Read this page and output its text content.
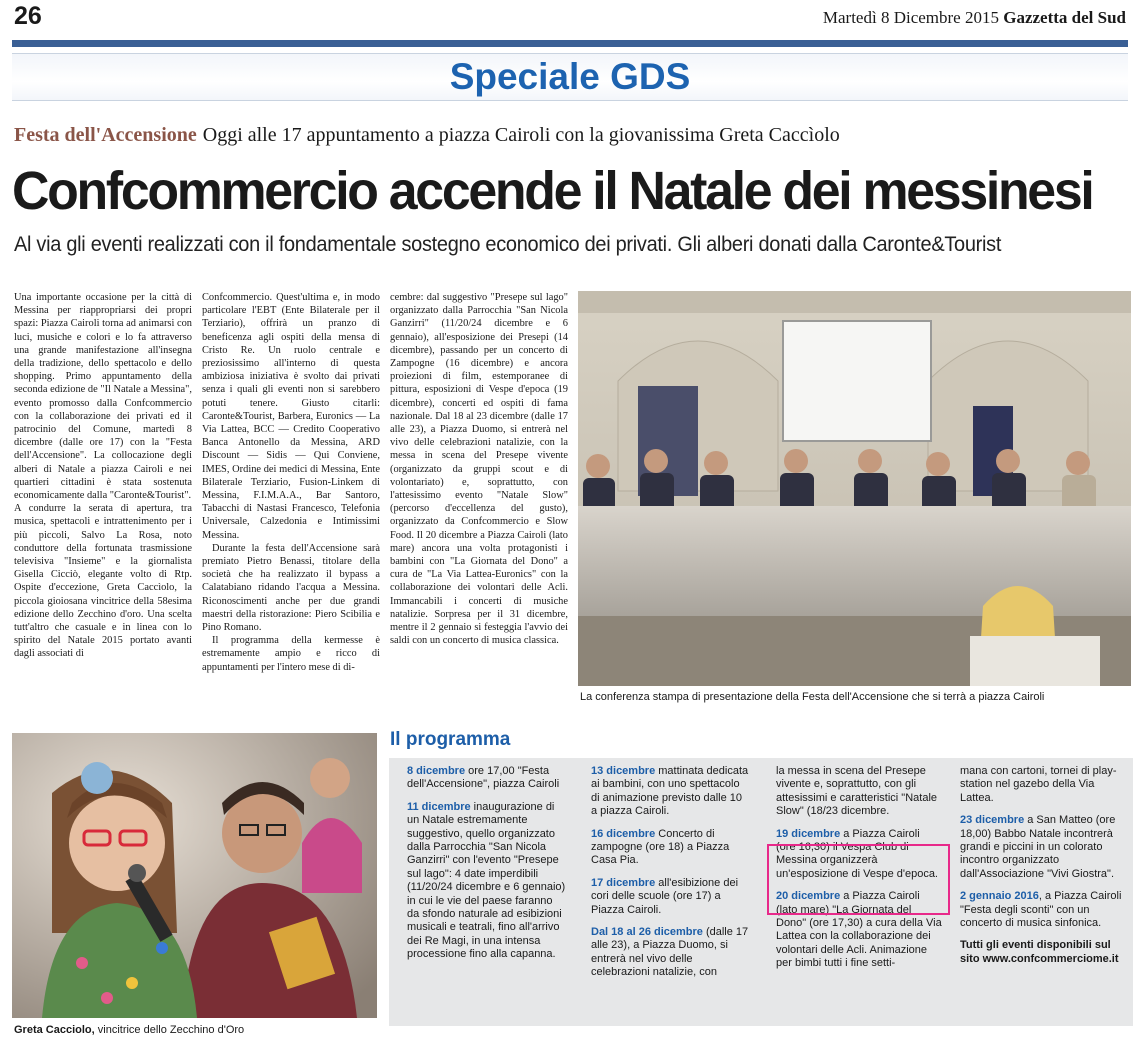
26	Martedì 8 Dicembre 2015 Gazzetta del Sud
Speciale GDS
Festa dell'Accensione Oggi alle 17 appuntamento a piazza Cairoli con la giovanissima Greta Caccìolo
Confcommercio accende il Natale dei messinesi
Al via gli eventi realizzati con il fondamentale sostegno economico dei privati. Gli alberi donati dalla Caronte&Tourist

Una importante occasione per la città di Messina per riappropriarsi dei propri spazi: Piazza Cairoli torna ad animarsi con luci, musiche e colori e lo fa attraverso una grande manifestazione all'insegna della tradizione, dello spettacolo e dello shopping. Primo appuntamento della seconda edizione de "Il Natale a Messina", evento promosso dalla Confcommercio con la collaborazione dei privati ed il patrocinio del Comune, martedì 8 dicembre (dalle ore 17) con la "Festa dell'Accensione". La collocazione degli alberi di Natale a piazza Cairoli e nei quartieri cittadini è stata sostenuta economicamente dalla "Caronte&Tourist".

A condurre la serata di apertura, tra musica, spettacoli e intrattenimento per i più piccoli, Salvo La Rosa, noto conduttore della fortunata trasmissione televisiva "Insieme" e la giornalista Gisella Cicciò, elegante volto di Rtp. Ospite d'eccezione, Greta Caccìolo, la piccola gioiosana vincitrice della 58esima edizione dello Zecchino d'oro. Una scelta tutt'altro che casuale e in linea con lo spirito del Natale 2015 portato avanti dagli associati di

Confcommercio. Quest'ultima e, in modo particolare l'EBT (Ente Bilaterale per il Terziario), offrirà un pranzo di beneficenza agli ospiti della mensa di Cristo Re. Un ruolo centrale e preziosissimo all'interno di questa ambiziosa iniziativa è svolto dai privati senza i quali gli eventi non si sarebbero potuti tenere. Giusto citarli: Caronte&Tourist, Barbera, Euronics — La Via Lattea, BCC — Credito Cooperativo Banca Antonello da Messina, ARD Discount — Sidis — Qui Conviene, IMES, Ordine dei medici di Messina, Ente Bilaterale Terziario, Fusion-Linkem di Messina, F.I.M.A.A., Bar Santoro, Tabacchi di Nastasi Francesco, Telefonia Universale, Calzedonia e Intimissimi Messina.

Durante la festa dell'Accensione sarà premiato Pietro Benassi, titolare della società che ha realizzato il bypass a Calatabiano ridando l'acqua a Messina. Riconoscimenti anche per due grandi maestri della ristorazione: Piero Scibilia e Pino Romano.

Il programma della kermesse è estremamente ampio e ricco di appuntamenti per l'intero mese di di-

cembre: dal suggestivo "Presepe sul lago" organizzato dalla Parrocchia "San Nicola Ganzirri" (11/20/24 dicembre e 6 gennaio), all'esposizione dei Presepi (14 dicembre), passando per un concerto di Zampogne (16 dicembre) e ancora proiezioni di film, estemporanee di pittura, esposizioni di Vespe d'epoca (19 dicembre), concerti ed ospiti di fama nazionale. Dal 18 al 23 dicembre (dalle 17 alle 23), a Piazza Duomo, si entrerà nel vivo delle celebrazioni natalizie, con la messa in scena del Presepe vivente (organizzato da gruppi scout e di volontariato) e, soprattutto, con l'attesissimo evento "Natale Slow" (percorso d'eccellenza del gusto), organizzato da Confcommercio e Slow Food. Il 20 dicembre a Piazza Cairoli (lato mare) ancora una volta protagonisti i bambini con "La Giornata del Dono" a cura de "La Via Lattea-Euronics" con la collaborazione dei volontari delle Acli. Immancabili i concerti di musiche natalizie. Sorpresa per il 31 dicembre, mentre il 2 gennaio si festeggia l'avvio dei saldi con un concerto di musica classica.

La conferenza stampa di presentazione della Festa dell'Accensione che si terrà a piazza Cairoli
Greta Cacciolo, vincitrice dello Zecchino d'Oro
Il programma
8 dicembre ore 17,00 "Festa dell'Accensione", piazza Cairoli
11 dicembre inaugurazione di un Natale estremamente suggestivo, quello organizzato dalla Parrocchia "San Nicola Ganzirri" con l'evento "Presepe sul lago": 4 date imperdibili (11/20/24 dicembre e 6 gennaio) in cui le vie del paese faranno da sfondo naturale ad esibizioni musicali e teatrali, fino all'arrivo dei Re Magi, in una intensa processione fino alla capanna.
13 dicembre mattinata dedicata ai bambini, con uno spettacolo di animazione previsto dalle 10 a piazza Cairoli.
16 dicembre Concerto di zampogne (ore 18) a Piazza Casa Pia.
17 dicembre all'esibizione dei cori delle scuole (ore 17) a Piazza Cairoli.
Dal 18 al 26 dicembre (dalle 17 alle 23), a Piazza Duomo, si entrerà nel vivo delle celebrazioni natalizie, con
la messa in scena del Presepe vivente e, soprattutto, con gli attesissimi e caratteristici "Natale Slow" (18/23 dicembre.
19 dicembre a Piazza Cairoli (ore 16,30) il Vespa Club di Messina organizzerà un'esposizione di Vespe d'epoca.
20 dicembre a Piazza Cairoli (lato mare) "La Giornata del Dono" (ore 17,30) a cura della Via Lattea con la collaborazione dei volontari delle Acli. Animazione per bimbi tutti i fine setti-
mana con cartoni, tornei di play-station nel gazebo della Via Lattea.
23 dicembre a San Matteo (ore 18,00) Babbo Natale incontrerà grandi e piccini in un colorato incontro organizzato dall'Associazione "Vivi Giostra".
2 gennaio 2016, a Piazza Cairoli "Festa degli sconti" con un concerto di musica sinfonica.
Tutti gli eventi disponibili sul sito www.confcommerciome.it
